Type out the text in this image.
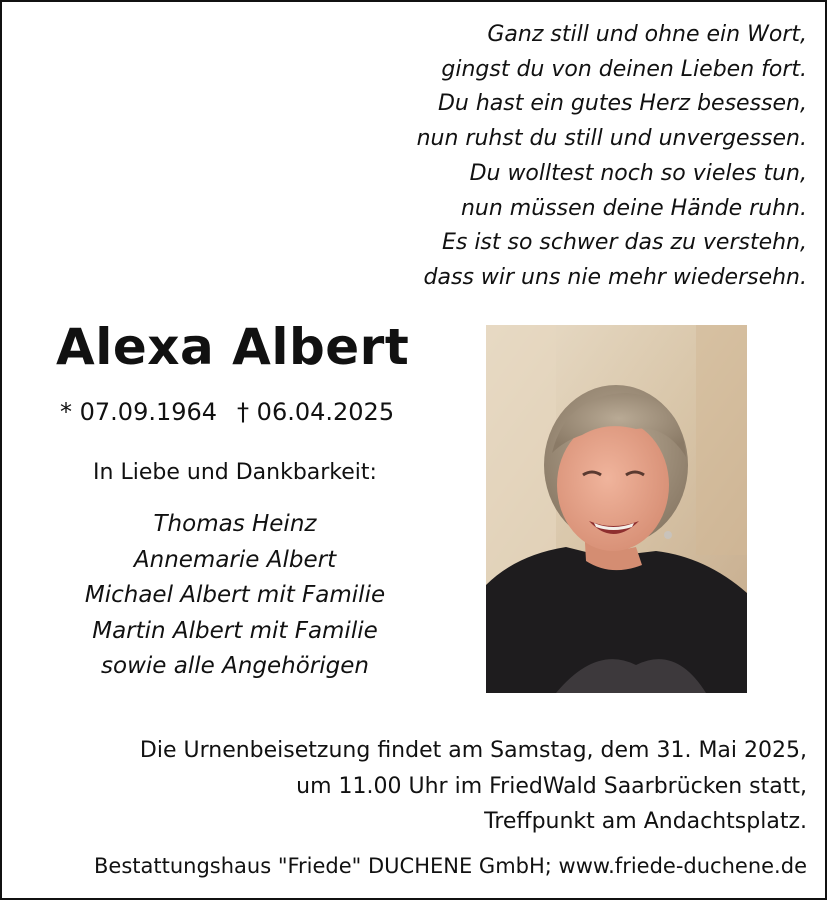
Ganz still und ohne ein Wort,
gingst du von deinen Lieben fort.
Du hast ein gutes Herz besessen,
nun ruhst du still und unvergessen.
Du wolltest noch so vieles tun,
nun müssen deine Hände ruhn.
Es ist so schwer das zu verstehn,
dass wir uns nie mehr wiedersehn.
Alexa Albert
* 07.09.1964 † 06.04.2025
In Liebe und Dankbarkeit:
Thomas Heinz
Annemarie Albert
Michael Albert mit Familie
Martin Albert mit Familie
sowie alle Angehörigen
Die Urnenbeisetzung findet am Samstag, dem 31. Mai 2025,
um 11.00 Uhr im FriedWald Saarbrücken statt,
Treffpunkt am Andachtsplatz.
Bestattungshaus "Friede" DUCHENE GmbH; www.friede-duchene.de
